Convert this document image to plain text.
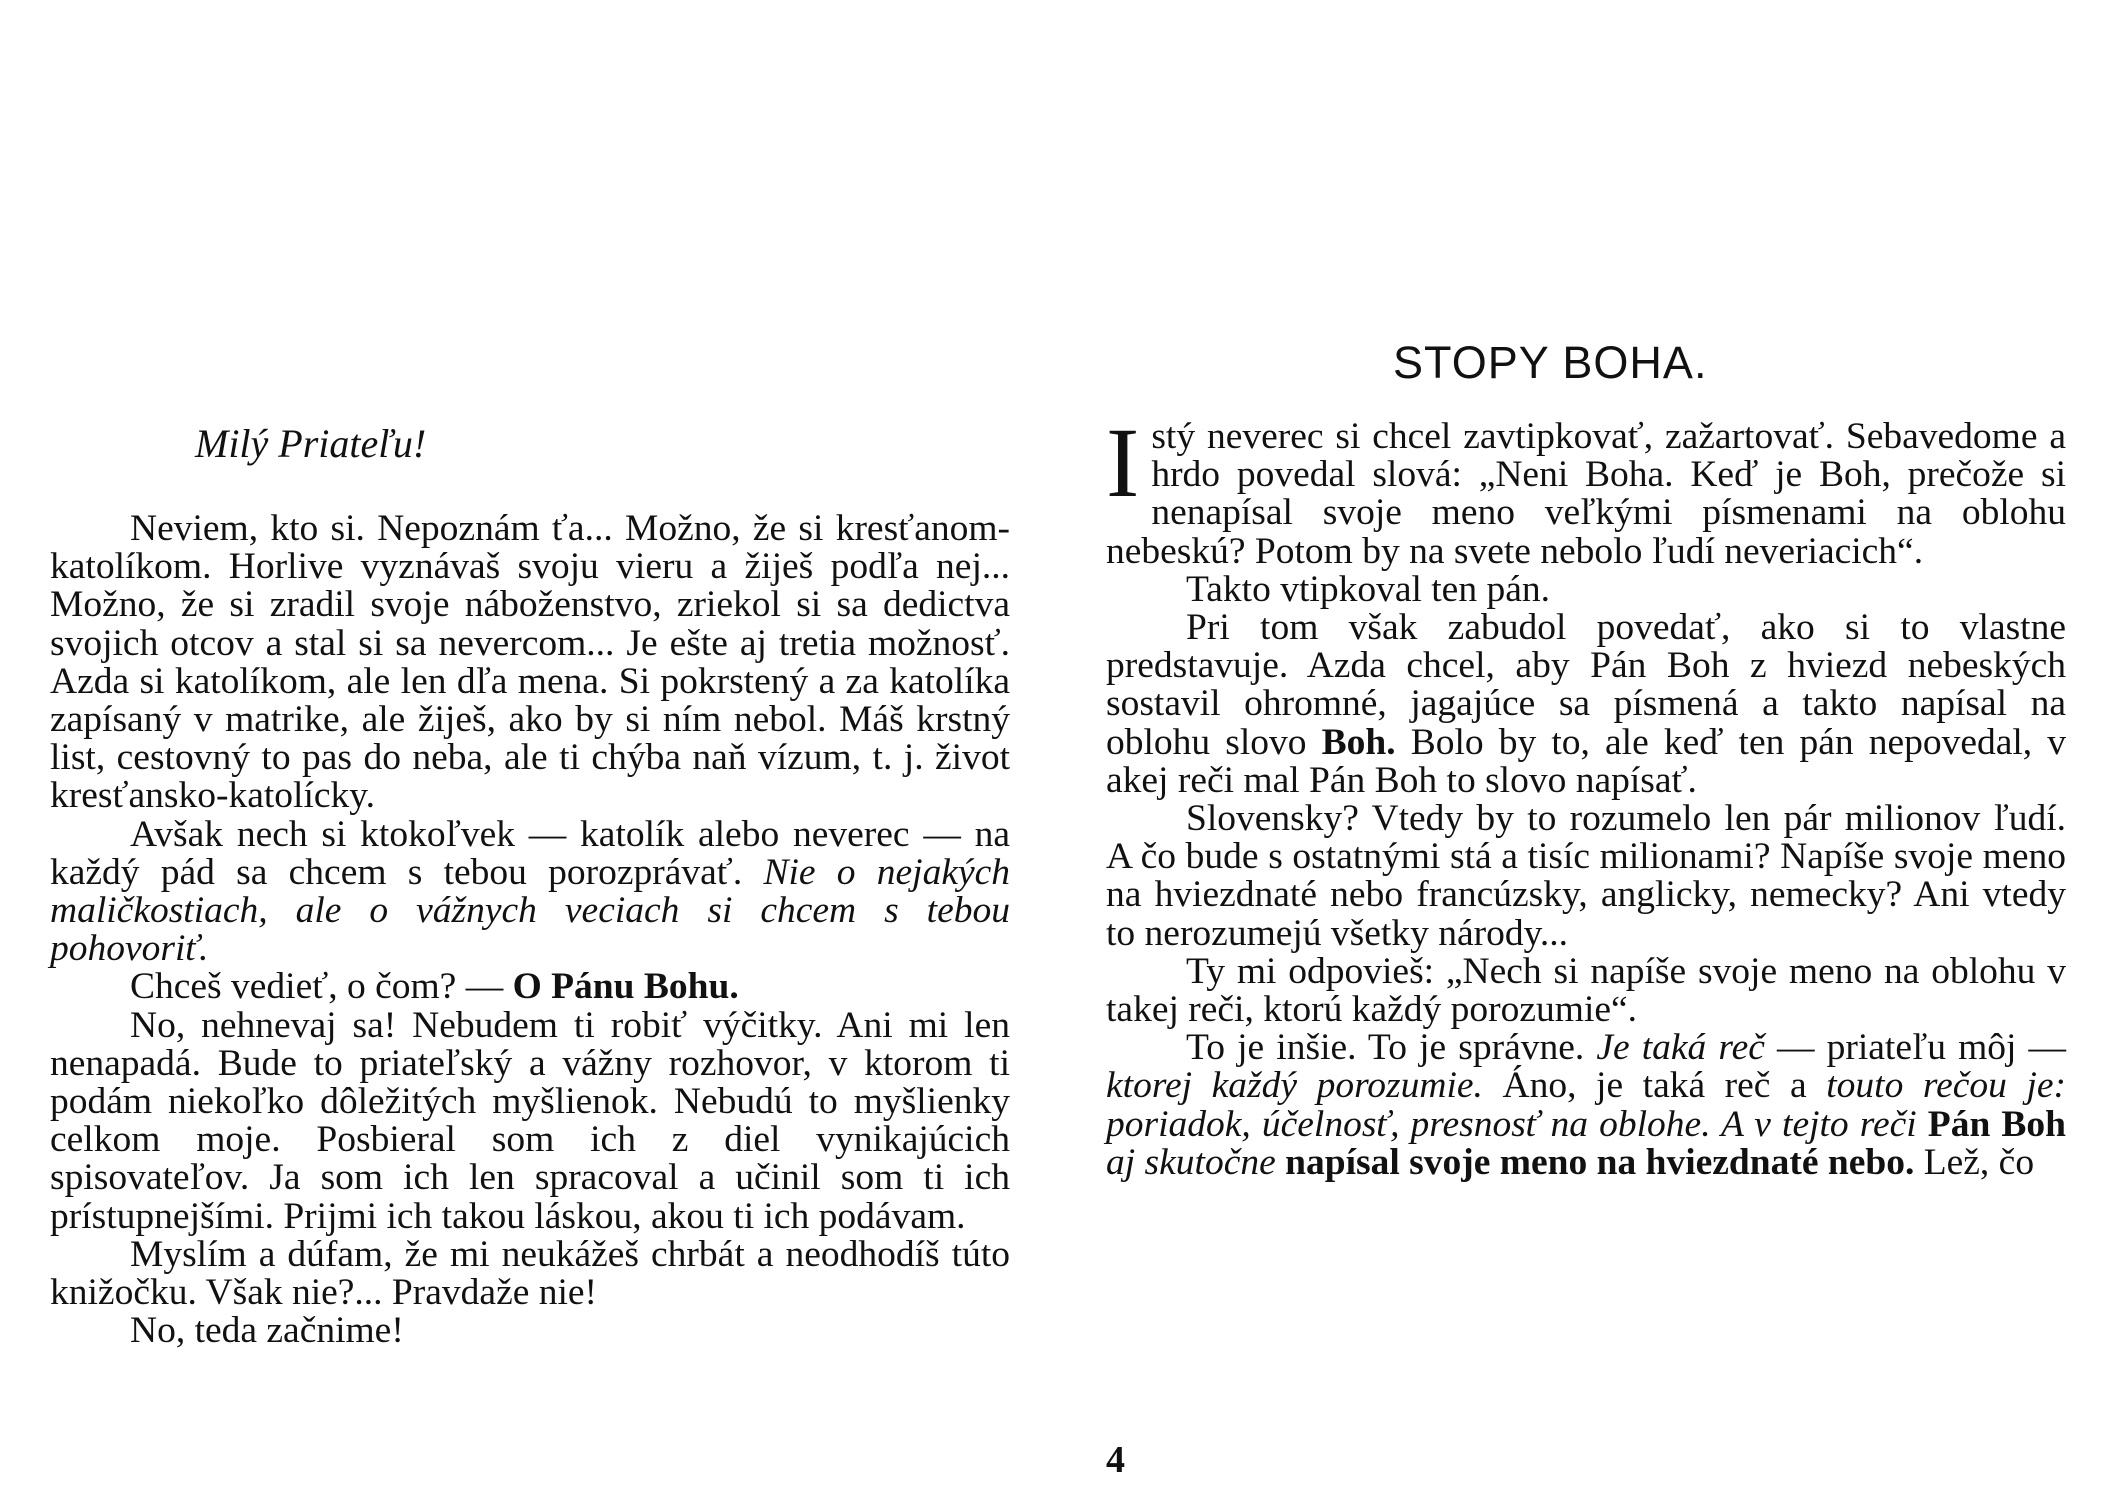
Milý Priateľu!

Neviem, kto si. Nepoznám ťa... Možno, že si kresťanom-katolíkom. Horlive vyznávaš svoju vieru a žiješ podľa nej... Možno, že si zradil svoje náboženstvo, zriekol si sa dedictva svojich otcov a stal si sa nevercom... Je ešte aj tretia možnosť. Azda si katolíkom, ale len dľa mena. Si pokrstený a za katolíka zapísaný v matrike, ale žiješ, ako by si ním nebol. Máš krstný list, cestovný to pas do neba, ale ti chýba naň vízum, t. j. život kresťansko-katolícky.

Avšak nech si ktokoľvek — katolík alebo neverec — na každý pád sa chcem s tebou porozprávať. Nie o nejakých maličkostiach, ale o vážnych veciach si chcem s tebou pohovoriť.

Chceš vedieť, o čom? — O Pánu Bohu.

No, nehnevaj sa! Nebudem ti robiť výčitky. Ani mi len nenapadá. Bude to priateľský a vážny rozhovor, v ktorom ti podám niekoľko dôležitých myšlienok. Nebudú to myšlienky celkom moje. Posbieral som ich z diel vynikajúcich spisovateľov. Ja som ich len spracoval a učinil som ti ich prístupnejšími. Prijmi ich takou láskou, akou ti ich podávam.

Myslím a dúfam, že mi neukážeš chrbát a neodhodíš túto knižočku. Však nie?... Pravdaže nie!

No, teda začnime!

STOPY BOHA.

Istý neverec si chcel zavtipkovať, zažartovať. Sebavedome a hrdo povedal slová: „Neni Boha. Keď je Boh, prečože si nenapísal svoje meno veľkými písmenami na oblohu nebeskú? Potom by na svete nebolo ľudí neveriacich“.

Takto vtipkoval ten pán.

Pri tom však zabudol povedať, ako si to vlastne predstavuje. Azda chcel, aby Pán Boh z hviezd nebeských sostavil ohromné, jagajúce sa písmená a takto napísal na oblohu slovo Boh. Bolo by to, ale keď ten pán nepovedal, v akej reči mal Pán Boh to slovo napísať.

Slovensky? Vtedy by to rozumelo len pár milionov ľudí. A čo bude s ostatnými stá a tisíc milionami? Napíše svoje meno na hviezdnaté nebo francúzsky, anglicky, nemecky? Ani vtedy to nerozumejú všetky národy...

Ty mi odpovieš: „Nech si napíše svoje meno na oblohu v takej reči, ktorú každý porozumie“.

To je inšie. To je správne. Je taká reč — priateľu môj — ktorej každý porozumie. Áno, je taká reč a touto rečou je: poriadok, účelnosť, presnosť na oblohe. A v tejto reči Pán Boh aj skutočne napísal svoje meno na hviezdnaté nebo. Lež, čo

4
